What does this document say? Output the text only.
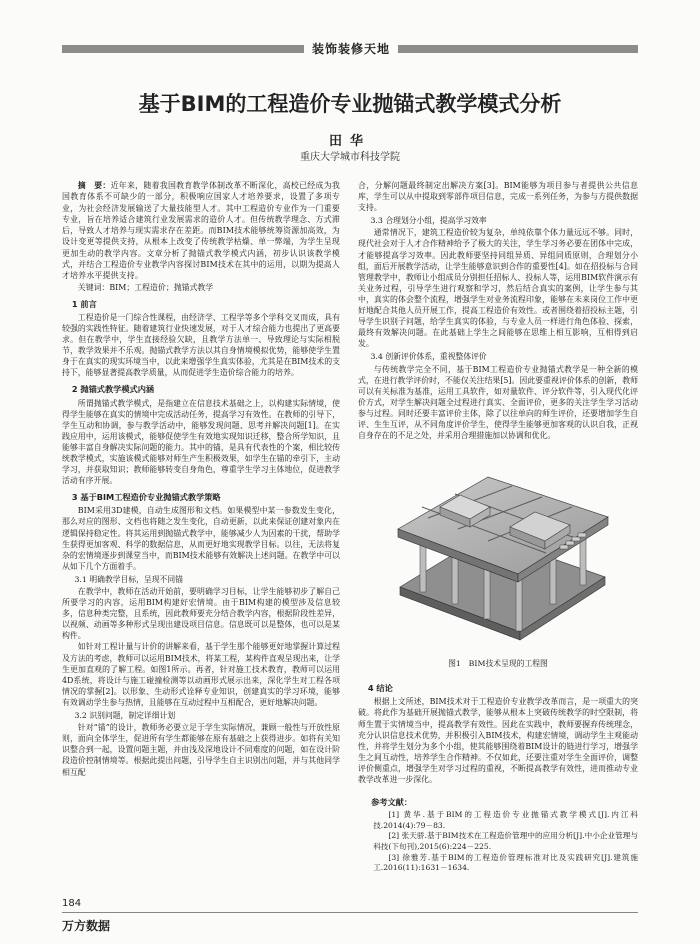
装饰装修天地
基于BIM的工程造价专业抛锚式教学模式分析
田华
重庆大学城市科技学院

摘　要：近年来，随着我国教育教学体制改革不断深化，高校已经成为我国教育体系不可缺少的一部分，积极响应国家人才培养要求，设置了多项专业，为社会经济发展输送了大量技能型人才。其中工程造价专业作为一门重要专业，旨在培养适合建筑行业发展需求的造价人才。但传统教学理念、方式滞后，导致人才培养与现实需求存在差距。而BIM技术能够统筹资源加高效，为设计变更等提供支持，从根本上改变了传统教学枯燥、单一弊端，为学生呈现更加生动的教学内容。文章分析了抛锚式教学模式内涵，初步认识该教学模式，并结合工程造价专业教学内容探讨BIM技术在其中的运用，以期为提高人才培养水平提供支持。

关键词：BIM；工程造价；抛锚式教学

1 前言

工程造价是一门综合性课程，由经济学、工程学等多个学科交叉而成，具有较强的实践性特征。随着建筑行业快速发展，对于人才综合能力也提出了更高要求。但在教学中，学生直接经验欠缺，且教学方法单一、导致理论与实际相脱节，教学效果并不乐观。抛锚式教学方法以其自身情境模拟优势，能够使学生置身于在真实的现实环境当中，以此来增强学生真实体验，尤其是在BIM技术的支持下，能够显著提高教学质量，从而促进学生造价综合能力的培养。

2 抛锚式教学模式内涵

所谓抛锚式教学模式，是指建立在信息技术基础之上，以构建实际情境，使得学生能够在真实的情境中完成活动任务，提高学习有效性。在教师的引导下，学生互动和协调，参与教学活动中，能够发现问题、思考并解决问题[1]。在实践应用中，运用该模式，能够促使学生有效地实现知识迁移，整合所学知识，且能够丰富自身解决实际问题的能力。其中的锚，是具有代表性的个案，相比较传统教学模式，实施该模式能够对师生产生积极效果，如学生在锚的牵引下，主动学习，并获取知识；教师能够转变自身角色，尊重学生学习主体地位，促进教学活动有序开展。

3 基于BIM工程造价专业抛锚式教学策略

BIM采用3D建模，自动生成图形和文档。如果模型中某一参数发生变化，那么对应的图形、文档也将随之发生变化，自动更新，以此来保证创建对象内在逻辑保持稳定性。将其运用到抛锚式教学中，能够减少人为因素的干扰，帮助学生获得更加客观、科学的数据信息，从而更好地实现教学目标。以往，无法将复杂的宏情境逐步到课堂当中，而BIM技术能够有效解决上述问题。在教学中可以从如下几个方面着手。

3.1 明确教学目标，呈现不同锚

在教学中，教师在活动开始前，要明确学习目标，让学生能够初步了解自己所要学习的内容，运用BIM构建好宏情境。由于BIM构建的模型涉及信息较多，信息种类完整，且系统，因此教师要充分结合教学内容，根据阶段性差异，以视频、动画等多种形式呈现出建设项目信息。信息既可以是整体，也可以是某构件。

如针对工程计量与计价的讲解来看，基于学生那个能够更好地掌握计算过程及方法的考虑，教师可以运用BIM技术，将某工程，某构件直观呈现出来，让学生更加直观的了解工程。如图1所示。再者，针对施工技术教育，教师可以运用4D系统，将设计与施工碰撞检测等以动画形式展示出来，深化学生对工程各项情况的掌握[2]。以形象、生动形式诠释专业知识，创建真实的学习环境，能够有效调动学生参与热情，且能够在互动过程中互相配合，更好地解决问题。

3.2 识别问题，制定详细计划

针对“锚”的设计，教师务必要立足于学生实际情况，兼顾一般性与开放性原则，面向全体学生，促进所有学生都能够在原有基础之上获得进步。如将有关知识整合到一起，设置问题主题，并由浅及深地设计不同难度的问题，如在设计阶段造价控制情境等。根据此提出问题，引导学生自主识别出问题，并与其他同学相互配

合，分解问题最终制定出解决方案[3]。BIM能够为项目参与者提供公共信息库，学生可以从中提取到零部件项目信息，完成一系列任务，为参与方提供数据支持。

3.3 合理划分小组，提高学习效率

通常情况下，建筑工程造价较为复杂，单纯依靠个体力量远远不够。同时，现代社会对于人才合作精神给予了极大的关注，学生学习务必要在团体中完成，才能够提高学习效率。因此教师要坚持同组异质、异组同质原则，合理划分小组，面后开展教学活动，让学生能够意识到合作的重要性[4]。如在招投标与合同管理教学中，教师让小组成员分别担任招标人、投标人等，运用BIM软件演示有关业务过程，引导学生进行观察和学习，然后结合真实的案例，让学生参与其中，真实的体会整个流程，增强学生对业务流程印象，能够在未来岗位工作中更好地配合其他人员开展工作，提高工程造价有效性。或者围绕着招投标主题，引导学生识别子问题，给学生真实的体验，与专业人员一样进行角色体验、探索，最终有效解决问题。在此基础上学生之间能够在思维上相互影响，互相得到启发。

3.4 创新评价体系，重视整体评价

与传统教学完全不同，基于BIM工程造价专业抛锚式教学是一种全新的模式，在进行教学评价时，不能仅关注结果[5]。因此要重视评价体系的创新，教师可以有关标准为基准，运用工具软件，如对量软件、评分软件等，引入现代化评价方式，对学生解决问题全过程进行真实、全面评价，更多的关注学生学习活动参与过程。同时还要丰富评价主体，除了以往单向的师生评价，还要增加学生自评、生生互评，从不同角度评价学生，使得学生能够更加客观的认识自我，正视自身存在的不足之处，并采用合理措施加以协调和优化。

图1　BIM技术呈现的工程图
4 结论

根据上文所述，BIM技术对于工程造价专业教学改革而言，是一项重大的突破。将此作为基础开展抛锚式教学，能够从根本上突破传统教学的时空限制，将师生置于实情境当中，提高教学有效性。因此在实践中，教师要握弃传统理念，充分认识信息技术优势，并积极引入BIM技术，构建宏情境，调动学生主观能动性，并将学生划分为多个小组，使其能够围绕着BIM设计的链进行学习，增强学生之间互动性，培养学生合作精神。不仅如此，还要注重对学生全面评价，调整评价侧重点，增强学生对学习过程的重视，不断提高教学有效性，进而推动专业教学改革进一步深化。

参考文献：

[1] 黄华.基于BIM的工程造价专业抛锚式教学模式[J].内江科技.2014(4):79－83.

[2] 张天骄.基于BIM技术在工程造价管理中的应用分析[J].中小企业管理与科技(下旬刊),2015(6):224－225.

[3] 徐雅芳.基于BIM的工程造价管理标准对比及实践研究[J].建筑施工.2016(11):1631－1634.

184
万方数据
